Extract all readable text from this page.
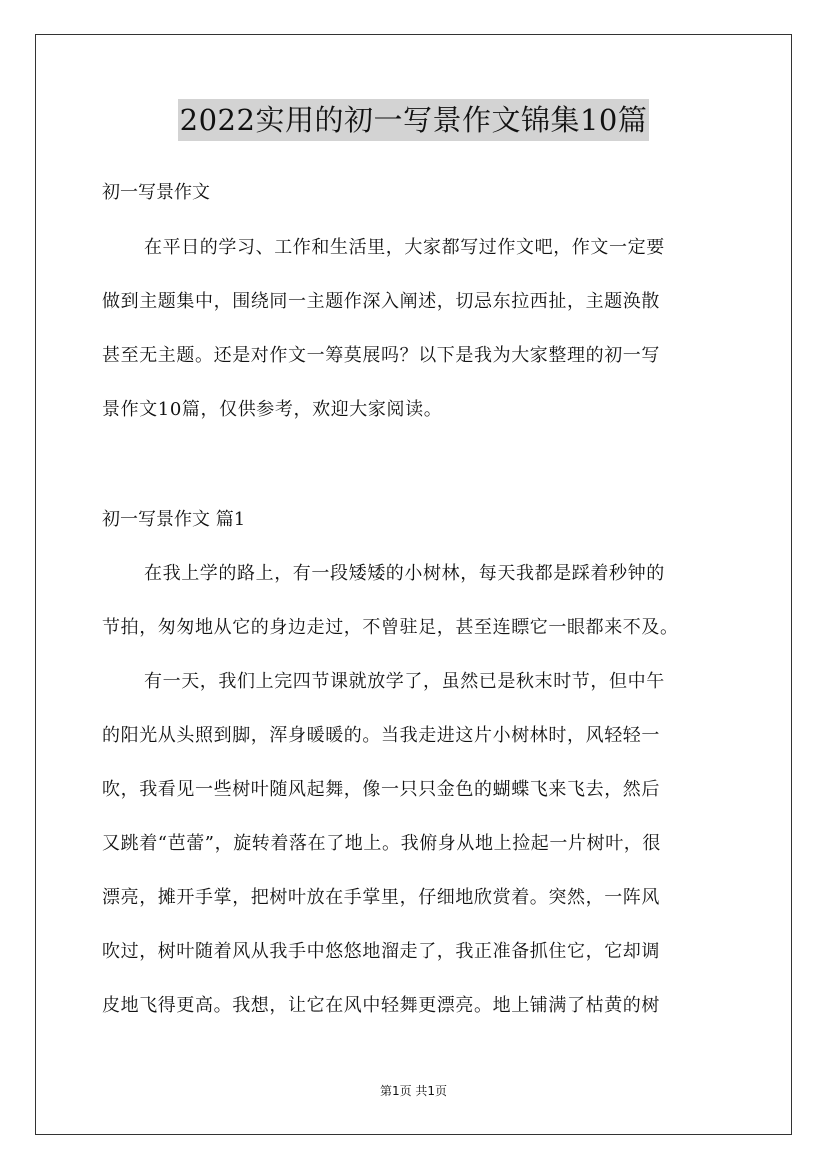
2022实用的初一写景作文锦集10篇
初一写景作文
在平日的学习、工作和生活里，大家都写过作文吧，作文一定要
做到主题集中，围绕同一主题作深入阐述，切忌东拉西扯，主题涣散
甚至无主题。还是对作文一筹莫展吗？以下是我为大家整理的初一写
景作文10篇，仅供参考，欢迎大家阅读。
初一写景作文 篇1
在我上学的路上，有一段矮矮的小树林，每天我都是踩着秒钟的
节拍，匆匆地从它的身边走过，不曾驻足，甚至连瞟它一眼都来不及。
有一天，我们上完四节课就放学了，虽然已是秋末时节，但中午
的阳光从头照到脚，浑身暖暖的。当我走进这片小树林时，风轻轻一
吹，我看见一些树叶随风起舞，像一只只金色的蝴蝶飞来飞去，然后
又跳着“芭蕾”，旋转着落在了地上。我俯身从地上捡起一片树叶，很
漂亮，摊开手掌，把树叶放在手掌里，仔细地欣赏着。突然，一阵风
吹过，树叶随着风从我手中悠悠地溜走了，我正准备抓住它，它却调
皮地飞得更高。我想，让它在风中轻舞更漂亮。地上铺满了枯黄的树
第1页 共1页
